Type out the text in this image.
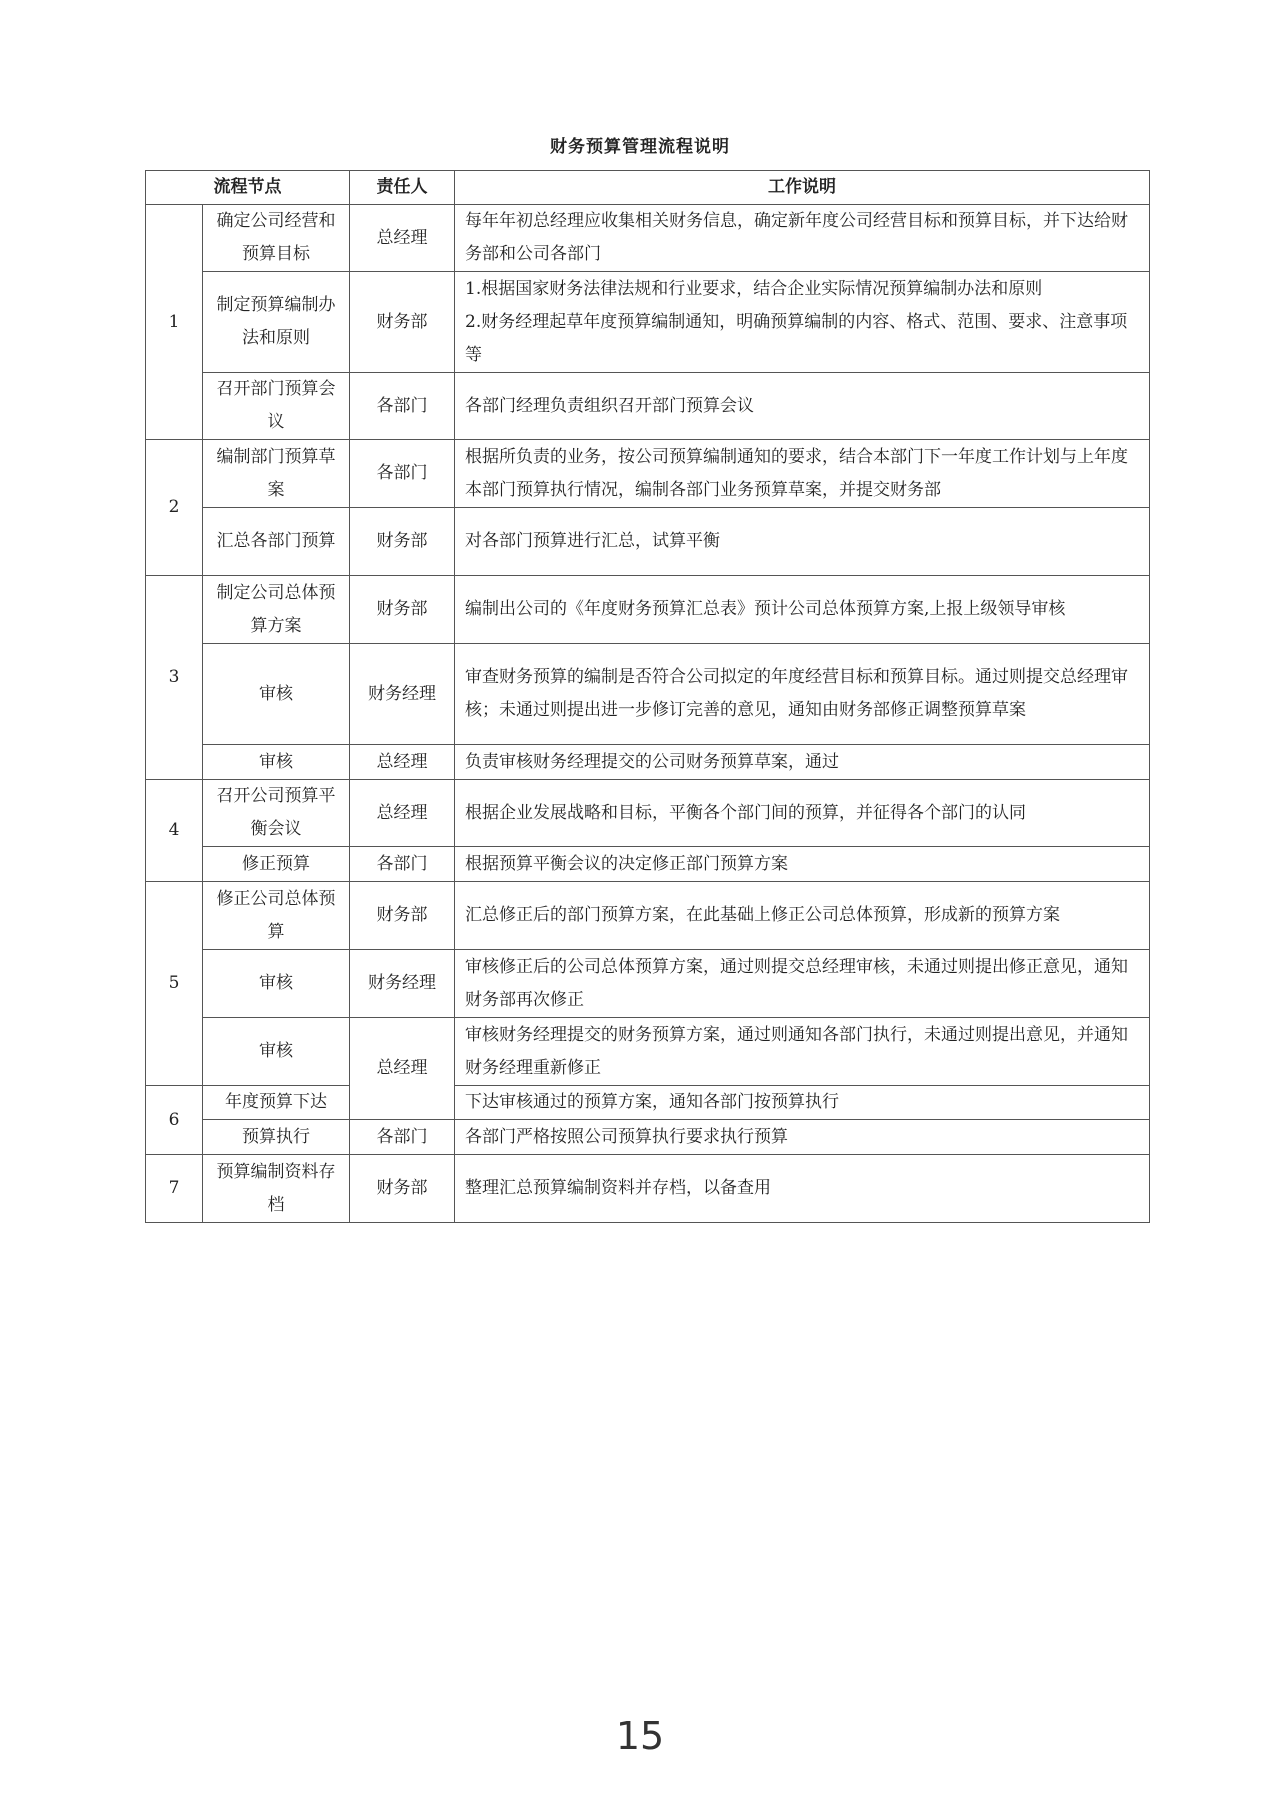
财务预算管理流程说明
流程节点		责任人	工作说明
1	确定公司经营和预算目标	总经理	每年年初总经理应收集相关财务信息，确定新年度公司经营目标和预算目标，并下达给财务部和公司各部门

	制定预算编制办法和原则	财务部	1.根据国家财务法律法规和行业要求，结合企业实际情况预算编制办法和原则
2.财务经理起草年度预算编制通知，明确预算编制的内容、格式、范围、要求、注意事项等

	召开部门预算会议	各部门	各部门经理负责组织召开部门预算会议

2	编制部门预算草案	各部门	根据所负责的业务，按公司预算编制通知的要求，结合本部门下一年度工作计划与上年度本部门预算执行情况，编制各部门业务预算草案，并提交财务部

	汇总各部门预算	财务部	对各部门预算进行汇总，试算平衡

3	制定公司总体预算方案	财务部	编制出公司的《年度财务预算汇总表》预计公司总体预算方案,上报上级领导审核

	审核	财务经理	审查财务预算的编制是否符合公司拟定的年度经营目标和预算目标。通过则提交总经理审核；未通过则提出进一步修订完善的意见，通知由财务部修正调整预算草案

	审核	总经理	负责审核财务经理提交的公司财务预算草案，通过

4	召开公司预算平衡会议	总经理	根据企业发展战略和目标，平衡各个部门间的预算，并征得各个部门的认同

	修正预算	各部门	根据预算平衡会议的决定修正部门预算方案

5	修正公司总体预算	财务部	汇总修正后的部门预算方案，在此基础上修正公司总体预算，形成新的预算方案

	审核	财务经理	审核修正后的公司总体预算方案，通过则提交总经理审核，未通过则提出修正意见，通知财务部再次修正

	审核	总经理	审核财务经理提交的财务预算方案，通过则通知各部门执行，未通过则提出意见，并通知财务经理重新修正

6	年度预算下达		下达审核通过的预算方案，通知各部门按预算执行

	预算执行	各部门	各部门严格按照公司预算执行要求执行预算

7	预算编制资料存档	财务部	整理汇总预算编制资料并存档，以备查用
15
